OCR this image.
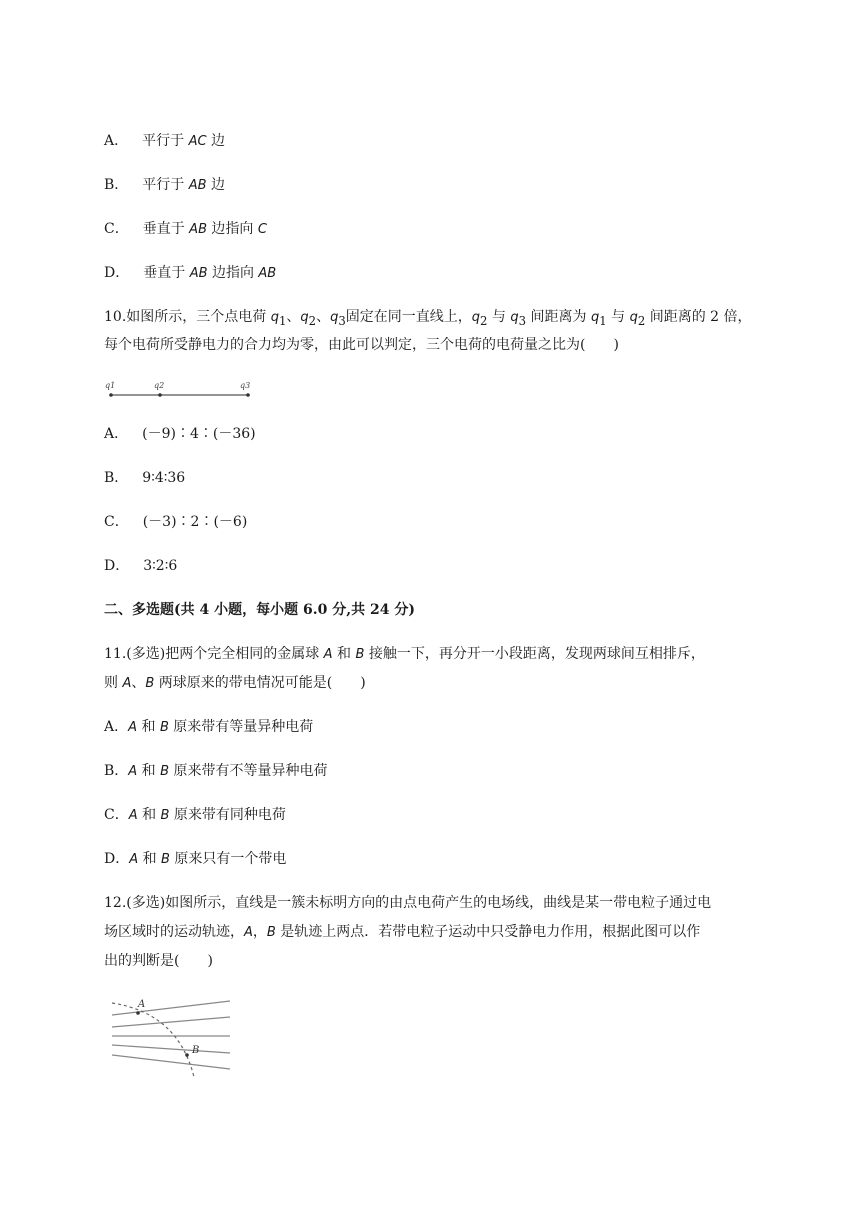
A． 平行于 AC 边
B． 平行于 AB 边
C． 垂直于 AB 边指向 C
D． 垂直于 AB 边指向 AB
10.如图所示，三个点电荷 $q_1$、$q_2$、$q_3$固定在同一直线上，$q_2$ 与 $q_3$ 间距离为 $q_1$ 与 $q_2$ 间距离的 2 倍，
每个电荷所受静电力的合力均为零，由此可以判定，三个电荷的电荷量之比为(　　)
q1	q2	q3
A． (－9)∶4∶(－36)
B． 9∶4∶36
C． (－3)∶2∶(－6)
D． 3∶2∶6
二、多选题(共 4 小题，每小题 6.0 分,共 24 分)
11.(多选)把两个完全相同的金属球 A 和 B 接触一下，再分开一小段距离，发现两球间互相排斥，
则 A、B 两球原来的带电情况可能是(　　)
A．A 和 B 原来带有等量异种电荷
B．A 和 B 原来带有不等量异种电荷
C．A 和 B 原来带有同种电荷
D．A 和 B 原来只有一个带电
12.(多选)如图所示，直线是一簇未标明方向的由点电荷产生的电场线，曲线是某一带电粒子通过电
场区域时的运动轨迹，A，B 是轨迹上两点．若带电粒子运动中只受静电力作用，根据此图可以作
出的判断是(　　)
A
B
